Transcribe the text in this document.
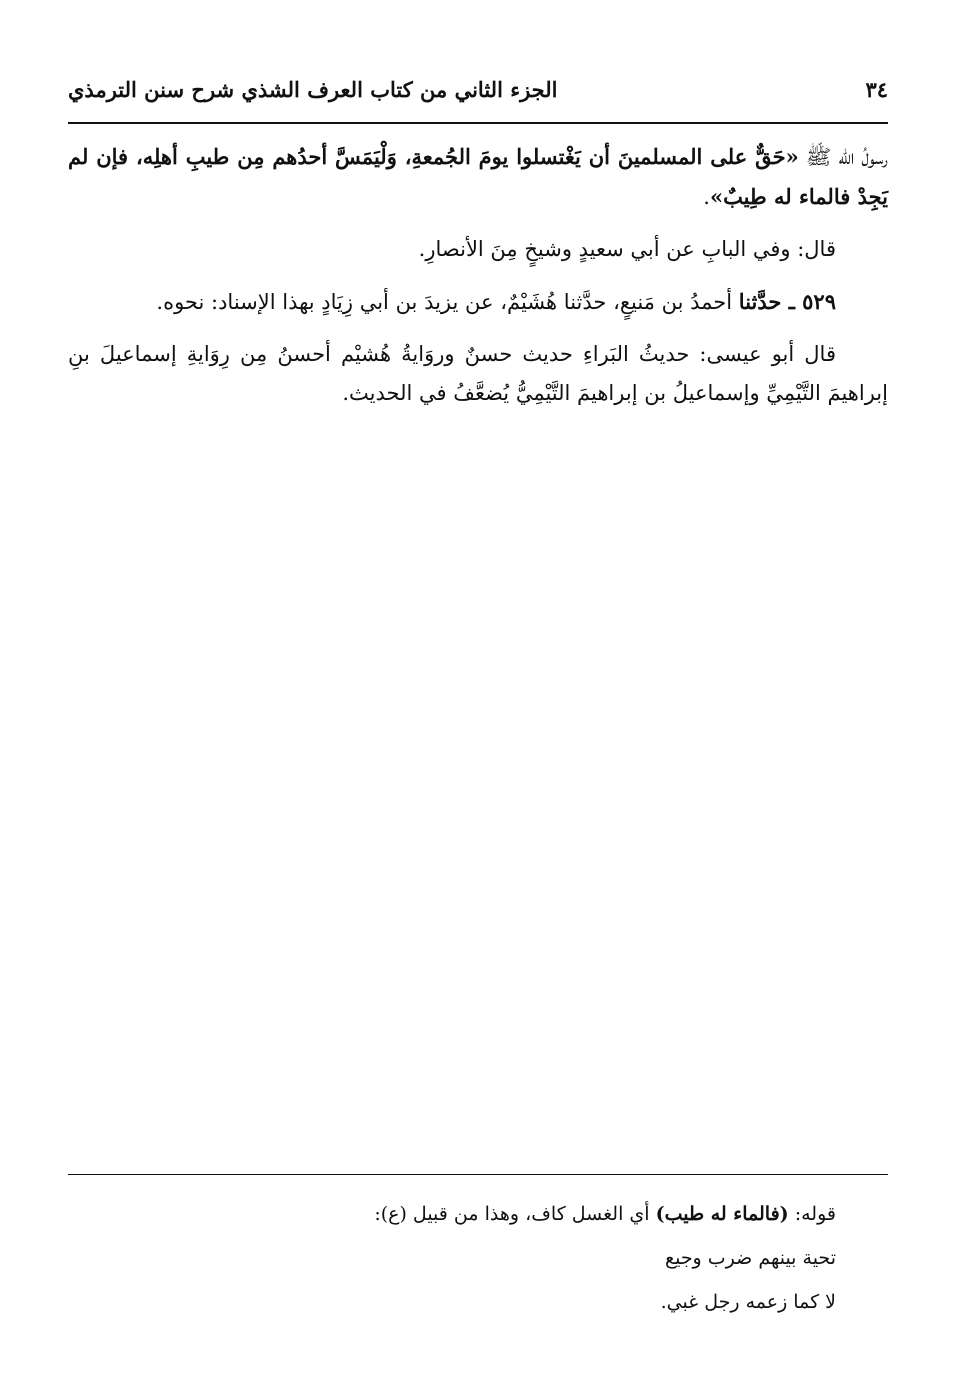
٣٤
الجزء الثاني من كتاب العرف الشذي شرح سنن الترمذي

رسولُ الله ﷺ «حَقٌّ على المسلمينَ أن يَغْتسلوا يومَ الجُمعةِ، وَلْيَمَسَّ أحدُهم مِن طيبِ أهلِه، فإن لم يَجِدْ فالماء له طِيبٌ».

قال: وفي البابِ عن أبي سعيدٍ وشيخٍ مِنَ الأنصارِ.

٥٢٩ ـ حدَّثنا أحمدُ بن مَنيعٍ، حدَّثنا هُشَيْمٌ، عن يزيدَ بن أبي زِيَادٍ بهذا الإسناد: نحوه.

قال أبو عيسى: حديثُ البَراءِ حديث حسنٌ وروَايةُ هُشيْم أحسنُ مِن رِوَايةِ إسماعيلَ بنِ إبراهيمَ التَّيْمِيِّ وإسماعيلُ بن إبراهيمَ التَّيْمِيُّ يُضعَّفُ في الحديث.

قوله: (فالماء له طيب) أي الغسل كاف، وهذا من قبيل (ع):

تحية بينهم ضرب وجيع

لا كما زعمه رجل غبي.
